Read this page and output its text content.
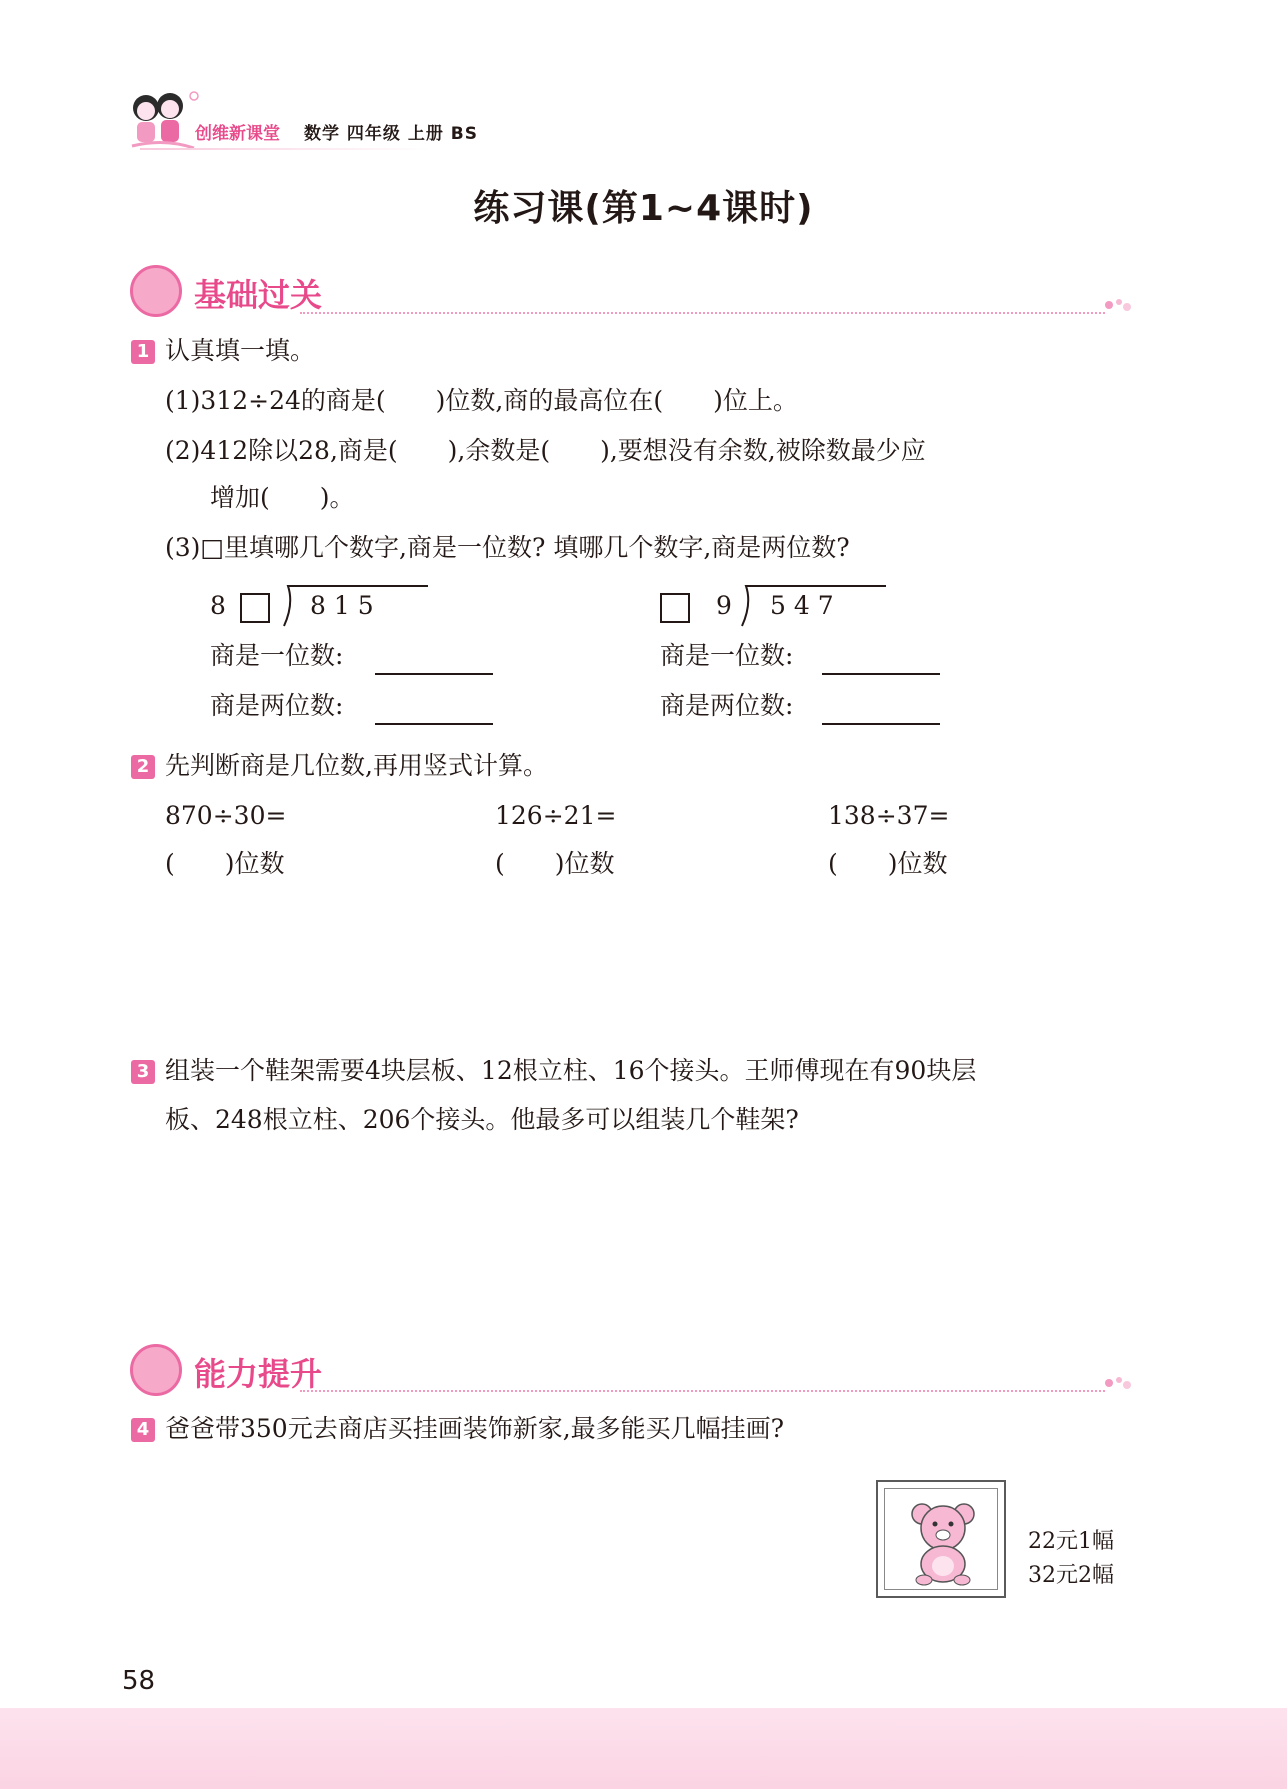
创维新课堂 数学 四年级 上册 BS
练习课(第1~4课时)
基础过关
1 认真填一填。
(1)312÷24的商是(　　)位数,商的最高位在(　　)位上。
(2)412除以28,商是(　　),余数是(　　),要想没有余数,被除数最少应
增加(　　)。
(3)□里填哪几个数字,商是一位数? 填哪几个数字,商是两位数?
8	8 1 5
商是一位数:
商是两位数:
9 5 4 7
商是一位数:
商是两位数:
2 先判断商是几位数,再用竖式计算。
870÷30=
(　　)位数
126÷21=
(　　)位数
138÷37=
(　　)位数
3 组装一个鞋架需要4块层板、12根立柱、16个接头。王师傅现在有90块层
板、248根立柱、206个接头。他最多可以组装几个鞋架?
能力提升
4 爸爸带350元去商店买挂画装饰新家,最多能买几幅挂画?
22元1幅
32元2幅
58
